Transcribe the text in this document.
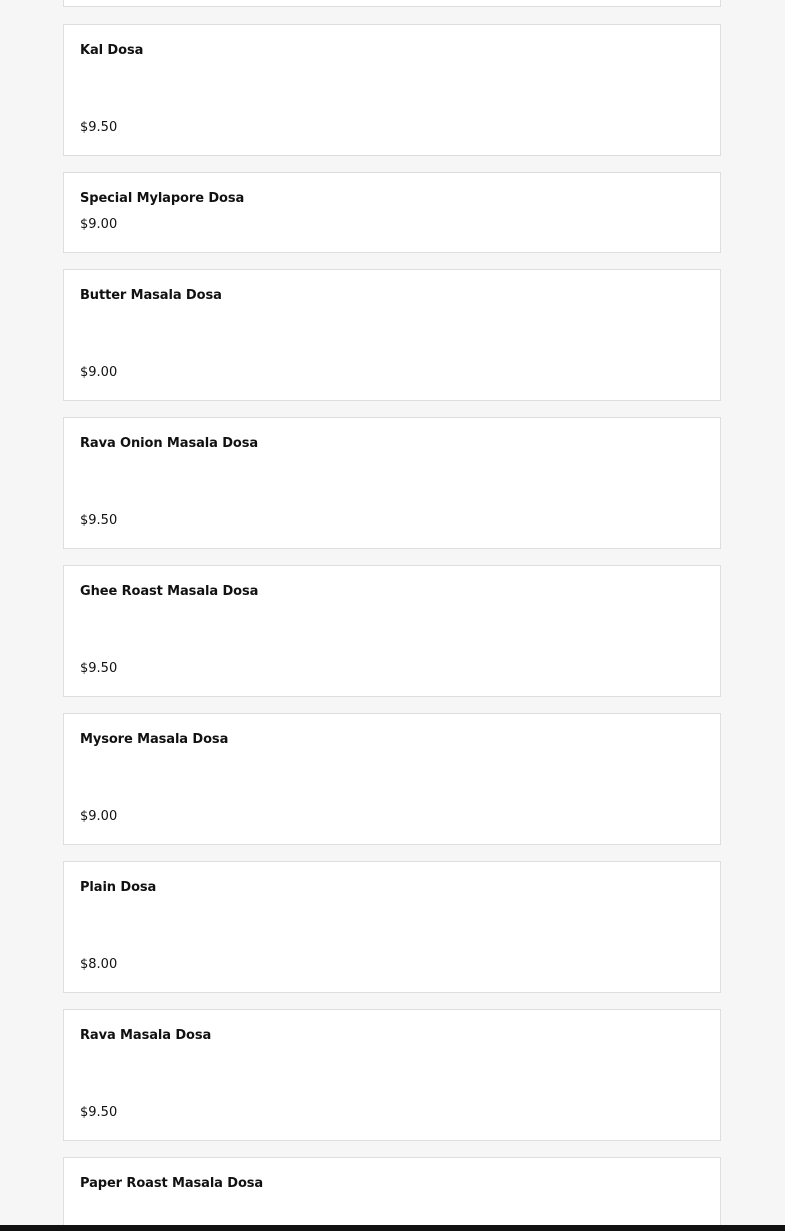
Kal Dosa
$9.50
Special Mylapore Dosa
$9.00
Butter Masala Dosa
$9.00
Rava Onion Masala Dosa
$9.50
Ghee Roast Masala Dosa
$9.50
Mysore Masala Dosa
$9.00
Plain Dosa
$8.00
Rava Masala Dosa
$9.50
Paper Roast Masala Dosa
